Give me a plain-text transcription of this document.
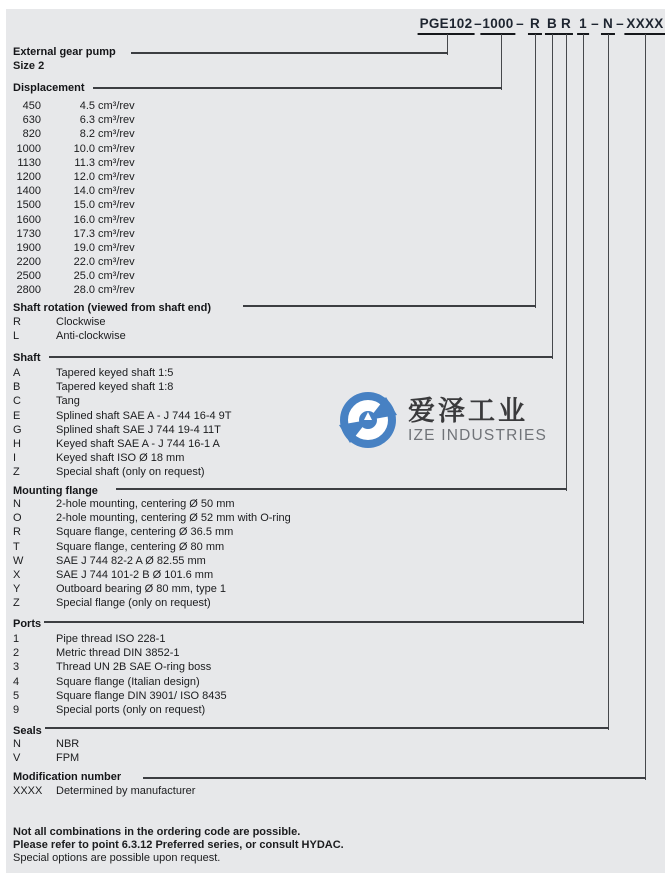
PGE102 – 1000 – R B R 1 – N – XXXX
External gear pump
Size 2
Displacement
450	4.5 cm³/rev
630	6.3 cm³/rev
820	8.2 cm³/rev
1000	10.0 cm³/rev
1130	11.3 cm³/rev
1200	12.0 cm³/rev
1400	14.0 cm³/rev
1500	15.0 cm³/rev
1600	16.0 cm³/rev
1730	17.3 cm³/rev
1900	19.0 cm³/rev
2200	22.0 cm³/rev
2500	25.0 cm³/rev
2800	28.0 cm³/rev
Shaft rotation (viewed from shaft end)
R	Clockwise
L	Anti-clockwise
Shaft
A	Tapered keyed shaft 1:5
B	Tapered keyed shaft 1:8
C	Tang
E	Splined shaft SAE A - J 744 16-4 9T
G	Splined shaft SAE J 744 19-4 11T
H	Keyed shaft SAE A - J 744 16-1 A
I	Keyed shaft ISO Ø 18 mm
Z	Special shaft (only on request)
Mounting flange
N	2-hole mounting, centering Ø 50 mm
O	2-hole mounting, centering Ø 52 mm with O-ring
R	Square flange, centering Ø 36.5 mm
T	Square flange, centering Ø 80 mm
W	SAE J 744 82-2 A Ø 82.55 mm
X	SAE J 744 101-2 B Ø 101.6 mm
Y	Outboard bearing Ø 80 mm, type 1
Z	Special flange (only on request)
Ports
1	Pipe thread ISO 228-1
2	Metric thread DIN 3852-1
3	Thread UN 2B SAE O-ring boss
4	Square flange (Italian design)
5	Square flange DIN 3901/ ISO 8435
9	Special ports (only on request)
Seals
N	NBR
V	FPM
Modification number
XXXX	Determined by manufacturer
爱泽工业
IZE INDUSTRIES
Not all combinations in the ordering code are possible.
Please refer to point 6.3.12 Preferred series, or consult HYDAC.
Special options are possible upon request.
